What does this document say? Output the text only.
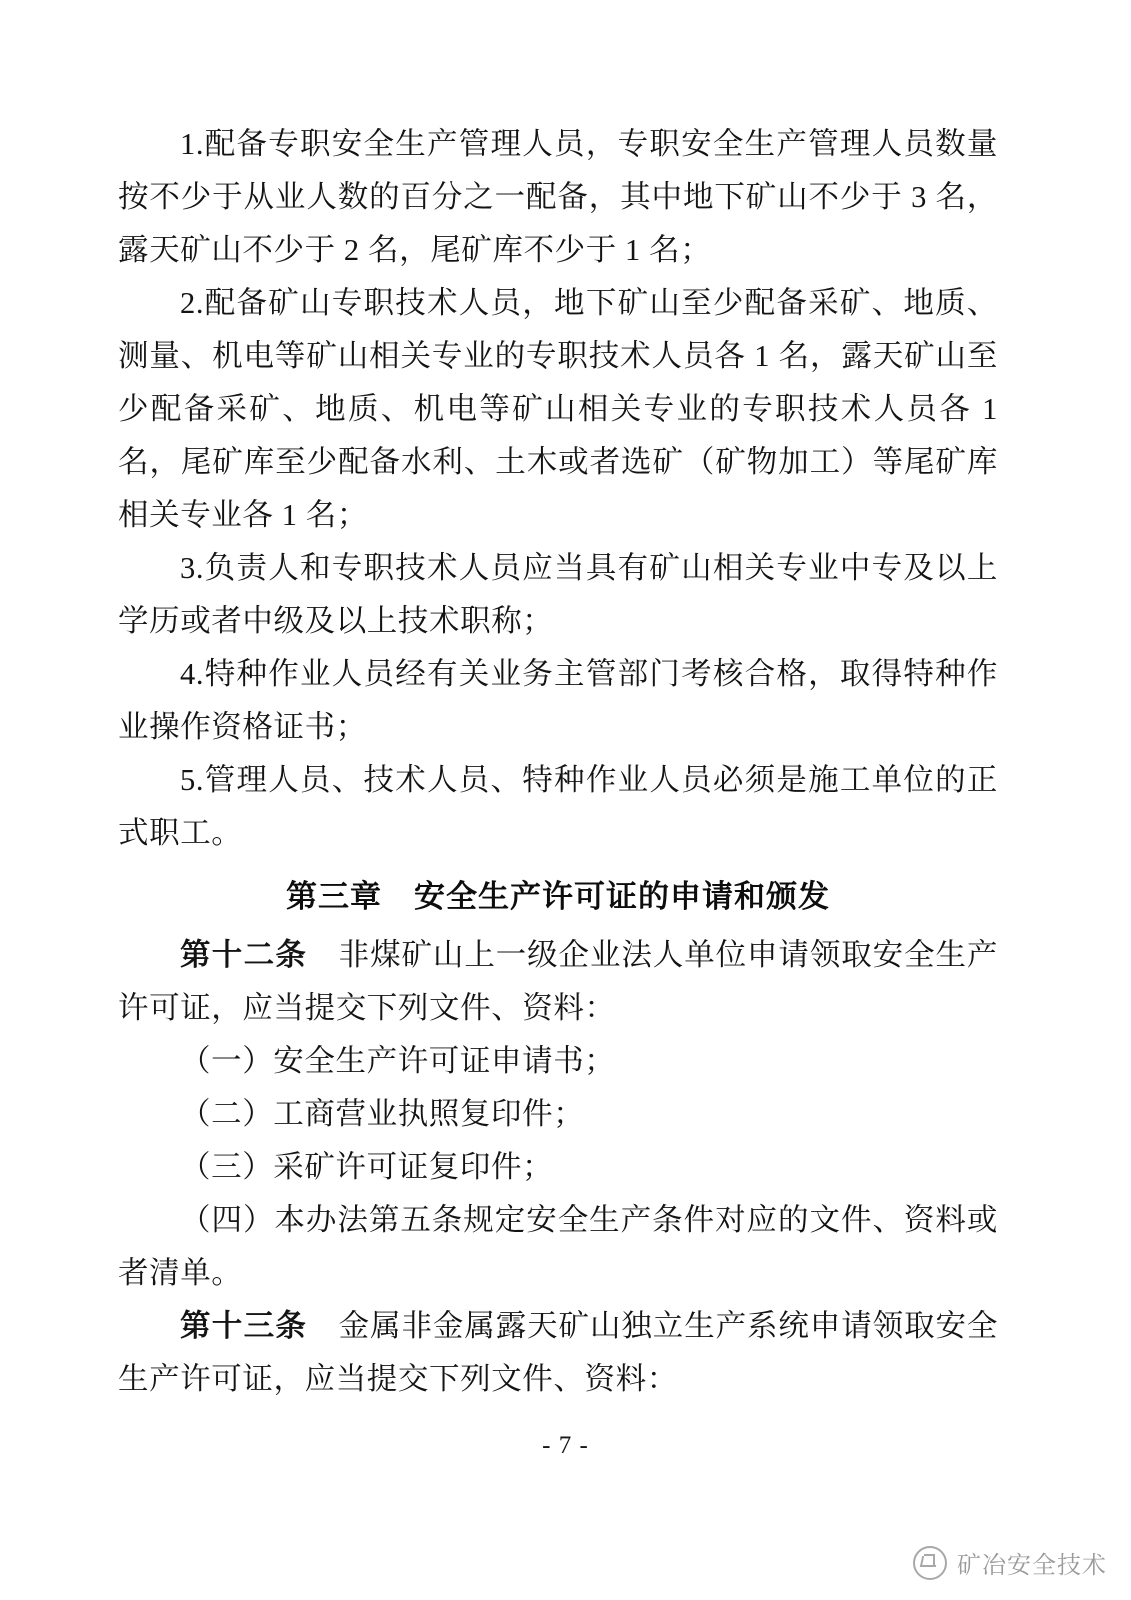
1.配备专职安全生产管理人员，专职安全生产管理人员数量按不少于从业人数的百分之一配备，其中地下矿山不少于 3 名，露天矿山不少于 2 名，尾矿库不少于 1 名；

2.配备矿山专职技术人员，地下矿山至少配备采矿、地质、测量、机电等矿山相关专业的专职技术人员各 1 名，露天矿山至少配备采矿、地质、机电等矿山相关专业的专职技术人员各 1 名，尾矿库至少配备水利、土木或者选矿（矿物加工）等尾矿库相关专业各 1 名；

3.负责人和专职技术人员应当具有矿山相关专业中专及以上学历或者中级及以上技术职称；

4.特种作业人员经有关业务主管部门考核合格，取得特种作业操作资格证书；

5.管理人员、技术人员、特种作业人员必须是施工单位的正式职工。

第三章　安全生产许可证的申请和颁发

第十二条　 非煤矿山上一级企业法人单位申请领取安全生产许可证，应当提交下列文件、资料：

（一）安全生产许可证申请书；

（二）工商营业执照复印件；

（三）采矿许可证复印件；

（四）本办法第五条规定安全生产条件对应的文件、资料或者清单。

第十三条　 金属非金属露天矿山独立生产系统申请领取安全生产许可证，应当提交下列文件、资料：

- 7 -
矿冶安全技术
